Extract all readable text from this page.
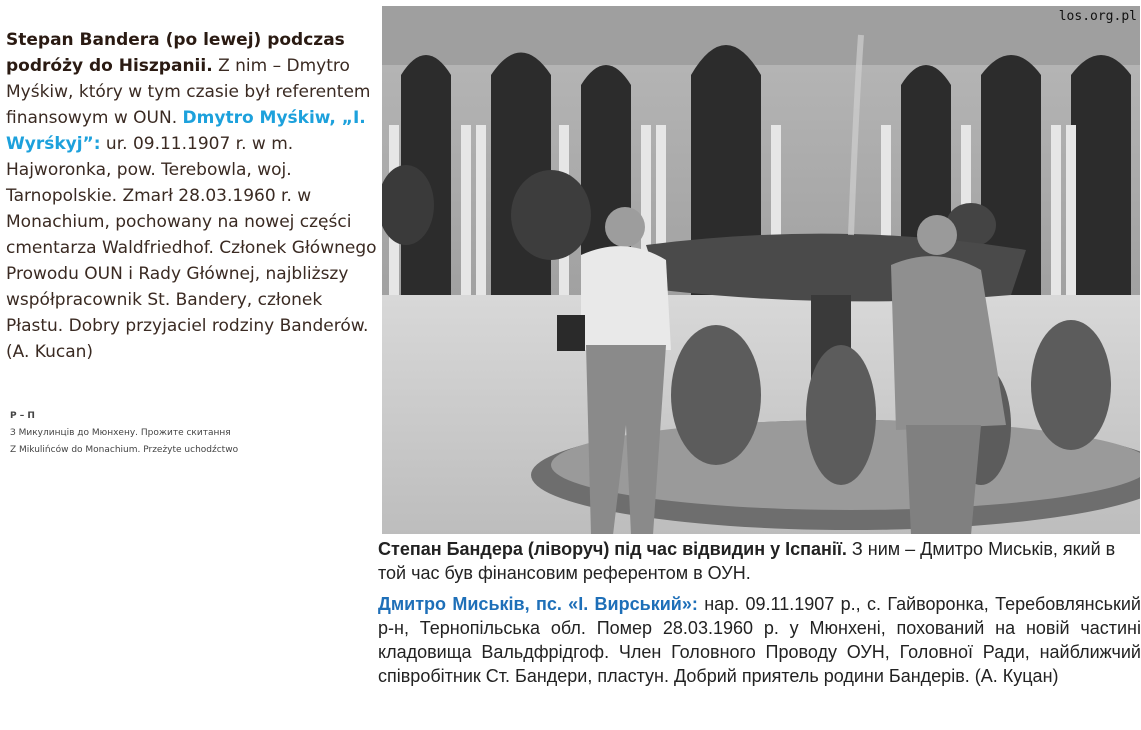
Stepan Bandera (po lewej) podczas podróży do Hiszpanii. Z nim – Dmytro Myśkiw, który w tym czasie był referentem finansowym w OUN. Dmytro Myśkiw, „I. Wyrśkyj”: ur. 09.11.1907 r. w m. Hajworonka, pow. Terebowla, woj. Tarnopolskie. Zmarł 28.03.1960 r. w Monachium, pochowany na nowej części cmentarza Waldfriedhof. Członek Głównego Prowodu OUN i Rady Głównej, najbliższy współpracownik St. Bandery, członek Płastu. Dobry przyjaciel rodziny Banderów. (A. Kucan)
Р – П
З Микулинців до Мюнхену. Прожите скитання
Z Mikulińców do Monachium. Przeżyte uchodźctwo
los.org.pl

Степан Бандера (ліворуч) під час відвидин у Іспанії. З ним – Дмитро Миськів, який в той час був фінансовим референтом в ОУН.

Дмитро Миськів, пс. «І. Вирський»: нар. 09.11.1907 р., с. Гайворонка, Теребовлянський р-н, Тернопільська обл. Помер 28.03.1960 р. у Мюнхені, похований на новій частині кладовища Вальдфрідгоф. Член Головного Проводу ОУН, Головної Ради, найближчий співробітник Ст. Бандери, пластун. Добрий приятель родини Бандерів. (А. Куцан)
